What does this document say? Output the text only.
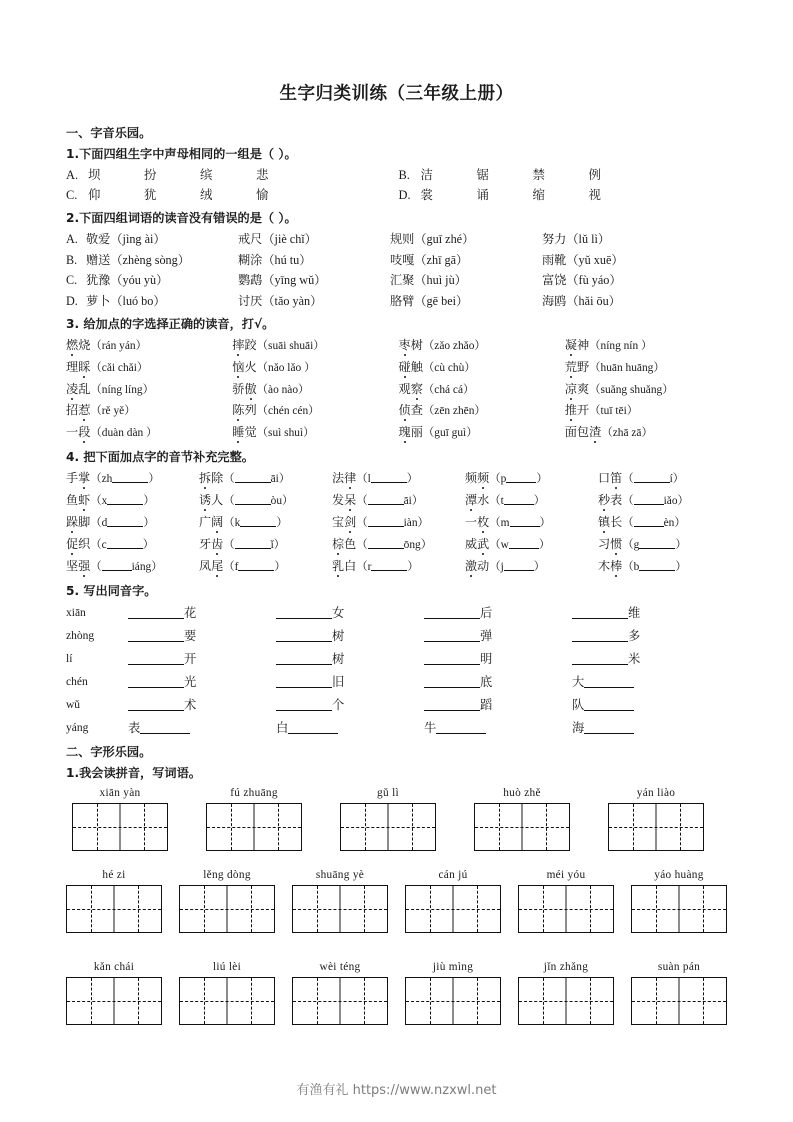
生字归类训练（三年级上册）
一、字音乐园。
1.下面四组生字中声母相同的一组是（ ）。
A. 坝	扮	缤	悲	B. 洁	锯	禁	例
C. 仰	犹	绒	愉	D. 裳	诵	缩	视
2.下面四组词语的读音没有错误的是（ ）。
A. 敬爱（jìng ài）	戒尺（jiè chǐ）	规则（guī zhé）	努力（lǔ lì）
B. 赠送（zhèng sòng）	糊涂（hú tu）	吱嘎（zhī gā）	雨靴（yǔ xuē）
C. 犹豫（yóu yù）	鹦鹉（yīng wǔ）	汇聚（huì jù）	富饶（fù yáo）
D. 萝卜（luó bo）	讨厌（tǎo yàn）	胳臂（gē bei）	海鸥（hǎi ōu）
3. 给加点的字选择正确的读音，打√。
燃烧（rán yán）	摔跤（suāi shuāi）	枣树（zǎo zhǎo）	凝神（níng nín ）
理睬（cǎi chǎi）	恼火（nǎo lǎo ）	碰触（cù chù）	荒野（huān huāng）
凌乱（níng líng）	骄傲（ào nào）	观察（chá cá）	凉爽（suǎng shuǎng）
招惹（rě yě）	陈列（chén cén）	侦查（zēn zhēn）	推开（tuī tēi）
一段（duàn dàn ）	睡觉（suì shuì）	瑰丽（guī guì）	面包渣（zhā zā）
4. 把下面加点字的音节补充完整。
手掌（zh	）	拆除（	āi）	法律（l	）	频频（p	）	口笛（	í）
鱼虾（x	）	诱人（	òu）	发呆（	āi）	潭水（t	）	秒表（	iǎo）
跺脚（d	）	广阔（k	）	宝剑（	iàn）	一枚（m	）	镇长（	èn）
促织（c	）	牙齿（	ǐ）	棕色（	ōng）	威武（w	）	习惯（g	）
坚强（	iáng）	凤尾（f	）	乳白（r	）	激动（j	）	木棒（b	）
5. 写出同音字。
xiān	花	女	后	维
zhòng	要	树	弹	多
lí	开	树	明	米
chén	光	旧	底	大
wǔ	术	个	蹈	队
yáng	表	白	牛	海
二、字形乐园。
1.我会读拼音，写词语。
xiān yàn	fú zhuāng	gǔ lì	huò zhě	yán liào
hé zi	lěng dòng	shuāng yè	cán jú	méi yóu	yáo huàng
kǎn chái	liú lèi	wèi téng	jiù mìng	jǐn zhǎng	suàn pán
有渔有礼 https://www.nzxwl.net
